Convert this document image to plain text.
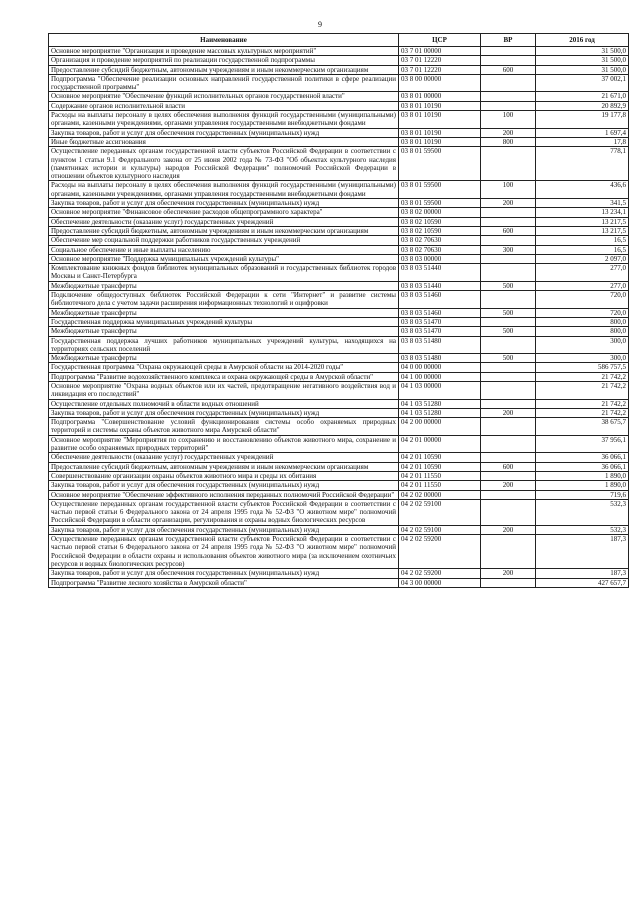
9
Наименование	ЦСР	ВР	2016 год
Основное мероприятие "Организация и проведение массовых культурных мероприятий"	03 7 01 00000		31 500,0
Организация и проведение мероприятий по реализации государственной подпрограммы	03 7 01 12220		31 500,0
Предоставление субсидий бюджетным, автономным учреждениям и иным некоммерческим организациям	03 7 01 12220	600	31 500,0
Подпрограмма "Обеспечение реализации основных направлений государственной политики в сфере реализации государственной программы"	03 8 00 00000		37 002,1
Основное мероприятие "Обеспечение функций исполнительных органов государственной власти"	03 8 01 00000		21 671,0
Содержание органов исполнительной власти	03 8 01 10190		20 892,9
Расходы на выплаты персоналу в целях обеспечения выполнения функций государственными (муниципальными) органами, казенными учреждениями, органами управления государственными внебюджетными фондами	03 8 01 10190	100	19 177,8
Закупка товаров, работ и услуг для обеспечения государственных (муниципальных) нужд	03 8 01 10190	200	1 697,4
Иные бюджетные ассигнования	03 8 01 10190	800	17,8
Осуществление переданных органам государственной власти субъектов Российской Федерации в соответствии с пунктом 1 статьи 9.1 Федерального закона от 25 июня 2002 года № 73-ФЗ "Об объектах культурного наследия (памятниках истории и культуры) народов Российской Федерации" полномочий Российской Федерации в отношении объектов культурного наследия	03 8 01 59500		778,1
Расходы на выплаты персоналу в целях обеспечения выполнения функций государственными (муниципальными) органами, казенными учреждениями, органами управления государственными внебюджетными фондами	03 8 01 59500	100	436,6
Закупка товаров, работ и услуг для обеспечения государственных (муниципальных) нужд	03 8 01 59500	200	341,5
Основное мероприятие "Финансовое обеспечение расходов общепрограммного характера"	03 8 02 00000		13 234,1
Обеспечение деятельности (оказание услуг) государственных учреждений	03 8 02 10590		13 217,5
Предоставление субсидий бюджетным, автономным учреждениям и иным некоммерческим организациям	03 8 02 10590	600	13 217,5
Обеспечение мер социальной поддержки работников государственных учреждений	03 8 02 70630		16,5
Социальное обеспечение и иные выплаты населению	03 8 02 70630	300	16,5
Основное мероприятие "Поддержка муниципальных учреждений культуры"	03 8 03 00000		2 097,0
Комплектование книжных фондов библиотек муниципальных образований и государственных библиотек городов Москвы и Санкт-Петербурга	03 8 03 51440		277,0
Межбюджетные трансферты	03 8 03 51440	500	277,0
Подключение общедоступных библиотек Российской Федерации к сети "Интернет" и развитие системы библиотечного дела с учетом задачи расширения информационных технологий и оцифровки	03 8 03 51460		720,0
Межбюджетные трансферты	03 8 03 51460	500	720,0
Государственная поддержка муниципальных учреждений культуры	03 8 03 51470		800,0
Межбюджетные трансферты	03 8 03 51470	500	800,0
Государственная поддержка лучших работников муниципальных учреждений культуры, находящихся на территориях сельских поселений	03 8 03 51480		300,0
Межбюджетные трансферты	03 8 03 51480	500	300,0
Государственная программа "Охрана окружающей среды в Амурской области на 2014-2020 годы"	04 0 00 00000		586 757,5
Подпрограмма "Развитие водохозяйственного комплекса и охрана окружающей среды в Амурской области"	04 1 00 00000		21 742,2
Основное мероприятие "Охрана водных объектов или их частей, предотвращение негативного воздействия вод и ликвидация его последствий"	04 1 03 00000		21 742,2
Осуществление отдельных полномочий в области водных отношений	04 1 03 51280		21 742,2
Закупка товаров, работ и услуг для обеспечения государственных (муниципальных) нужд	04 1 03 51280	200	21 742,2
Подпрограмма "Совершенствование условий функционирования системы особо охраняемых природных территорий и системы охраны объектов животного мира Амурской области"	04 2 00 00000		38 675,7
Основное мероприятие "Мероприятия по сохранению и восстановлению объектов животного мира, сохранение и развитие особо охраняемых природных территорий"	04 2 01 00000		37 956,1
Обеспечение деятельности (оказание услуг) государственных учреждений	04 2 01 10590		36 066,1
Предоставление субсидий бюджетным, автономным учреждениям и иным некоммерческим организациям	04 2 01 10590	600	36 066,1
Совершенствование организации охраны объектов животного мира и среды их обитания	04 2 01 11550		1 890,0
Закупка товаров, работ и услуг для обеспечения государственных (муниципальных) нужд	04 2 01 11550	200	1 890,0
Основное мероприятие "Обеспечение эффективного исполнения переданных полномочий Российской Федерации"	04 2 02 00000		719,6
Осуществление переданных органам государственной власти субъектов Российской Федерации в соответствии с частью первой статьи 6 Федерального закона от 24 апреля 1995 года № 52-ФЗ "О животном мире" полномочий Российской Федерации в области организации, регулирования и охраны водных биологических ресурсов	04 2 02 59100		532,3
Закупка товаров, работ и услуг для обеспечения государственных (муниципальных) нужд	04 2 02 59100	200	532,3
Осуществление переданных органам государственной власти субъектов Российской Федерации в соответствии с частью первой статьи 6 Федерального закона от 24 апреля 1995 года № 52-ФЗ "О животном мире" полномочий Российской Федерации в области охраны и использования объектов животного мира (за исключением охотничьих ресурсов и водных биологических ресурсов)	04 2 02 59200		187,3
Закупка товаров, работ и услуг для обеспечения государственных (муниципальных) нужд	04 2 02 59200	200	187,3
Подпрограмма "Развитие лесного хозяйства в Амурской области"	04 3 00 00000		427 657,7
